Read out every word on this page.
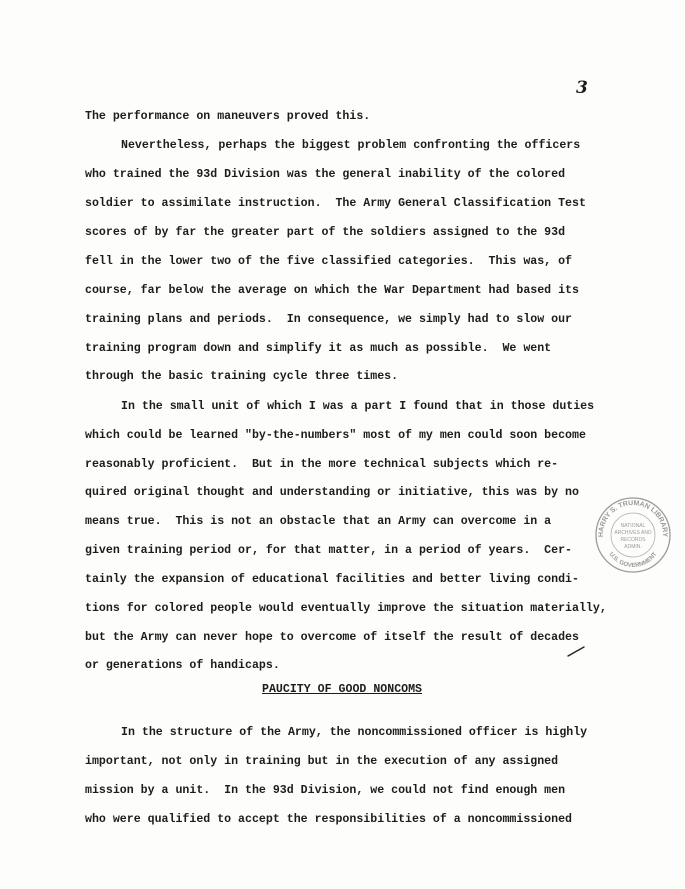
3
The performance on maneuvers proved this.
Nevertheless, perhaps the biggest problem confronting the officers
who trained the 93d Division was the general inability of the colored
soldier to assimilate instruction.  The Army General Classification Test
scores of by far the greater part of the soldiers assigned to the 93d
fell in the lower two of the five classified categories.  This was, of
course, far below the average on which the War Department had based its
training plans and periods.  In consequence, we simply had to slow our
training program down and simplify it as much as possible.  We went
through the basic training cycle three times.
In the small unit of which I was a part I found that in those duties
which could be learned "by-the-numbers" most of my men could soon become
reasonably proficient.  But in the more technical subjects which re-
quired original thought and understanding or initiative, this was by no
means true.  This is not an obstacle that an Army can overcome in a
given training period or, for that matter, in a period of years.  Cer-
tainly the expansion of educational facilities and better living condi-
tions for colored people would eventually improve the situation materially,
but the Army can never hope to overcome of itself the result of decades
or generations of handicaps.
PAUCITY OF GOOD NONCOMS
In the structure of the Army, the noncommissioned officer is highly
important, not only in training but in the execution of any assigned
mission by a unit.  In the 93d Division, we could not find enough men
who were qualified to accept the responsibilities of a noncommissioned
HARRY S. TRUMAN LIBRARY
U.S. GOVERNMENT
NATIONAL
ARCHIVES AND
RECORDS
ADMIN.
